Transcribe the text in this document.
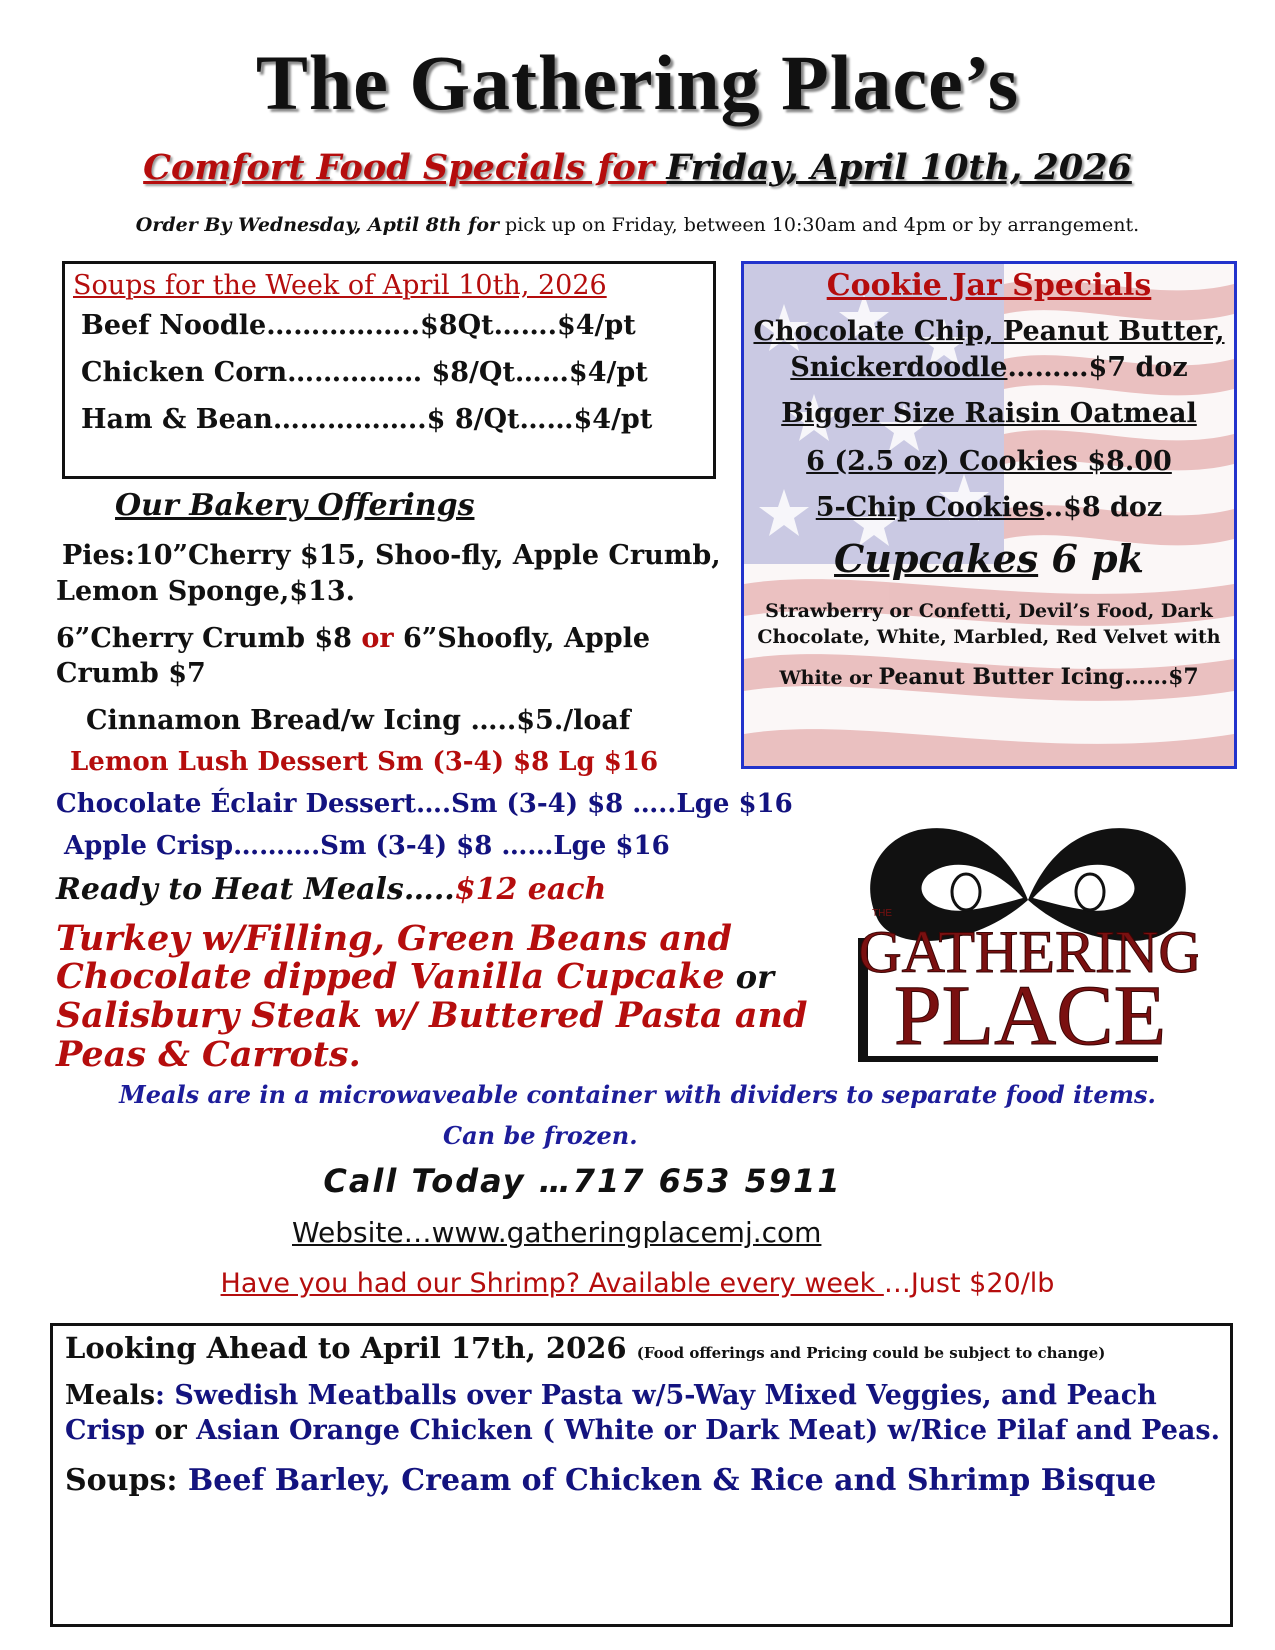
The Gathering Place’s
Comfort Food Specials for Friday, April 10th, 2026
Order By Wednesday, Aptil 8th for pick up on Friday, between 10:30am and 4pm or by arrangement.
Soups for the Week of April 10th, 2026
Beef Noodle……………..$8Qt…….$4/pt
Chicken Corn…………… $8/Qt……$4/pt
Ham & Bean……………..$ 8/Qt……$4/pt
Cookie Jar Specials
Chocolate Chip, Peanut Butter,
Snickerdoodle………$7 doz
Bigger Size Raisin Oatmeal
6 (2.5 oz) Cookies $8.00
5-Chip Cookies..$8 doz
Cupcakes 6 pk
Strawberry or Confetti, Devil’s Food, Dark
Chocolate, White, Marbled, Red Velvet with
White or Peanut Butter Icing……$7
Our Bakery Offerings
Pies:10”Cherry $15, Shoo-fly, Apple Crumb,
Lemon Sponge,$13.
6”Cherry Crumb $8 or 6”Shoofly, Apple
Crumb $7
Cinnamon Bread/w Icing …..$5./loaf
Lemon Lush Dessert Sm (3-4) $8 Lg $16
Chocolate Éclair Dessert….Sm (3-4) $8 …..Lge $16
Apple Crisp……….Sm (3-4) $8 ……Lge $16
Ready to Heat Meals…..$12 each
Turkey w/Filling, Green Beans and
Chocolate dipped Vanilla Cupcake or
Salisbury Steak w/ Buttered Pasta and
Peas & Carrots.
Meals are in a microwaveable container with dividers to separate food items.
Can be frozen.
THE
GATHERING
PLACE
Call Today …717 653 5911
Website…www.gatheringplacemj.com
Have you had our Shrimp? Available every week …Just $20/lb
Looking Ahead to April 17th, 2026 (Food offerings and Pricing could be subject to change)
Meals: Swedish Meatballs over Pasta w/5-Way Mixed Veggies, and Peach
Crisp or Asian Orange Chicken ( White or Dark Meat) w/Rice Pilaf and Peas.
Soups: Beef Barley, Cream of Chicken & Rice and Shrimp Bisque
